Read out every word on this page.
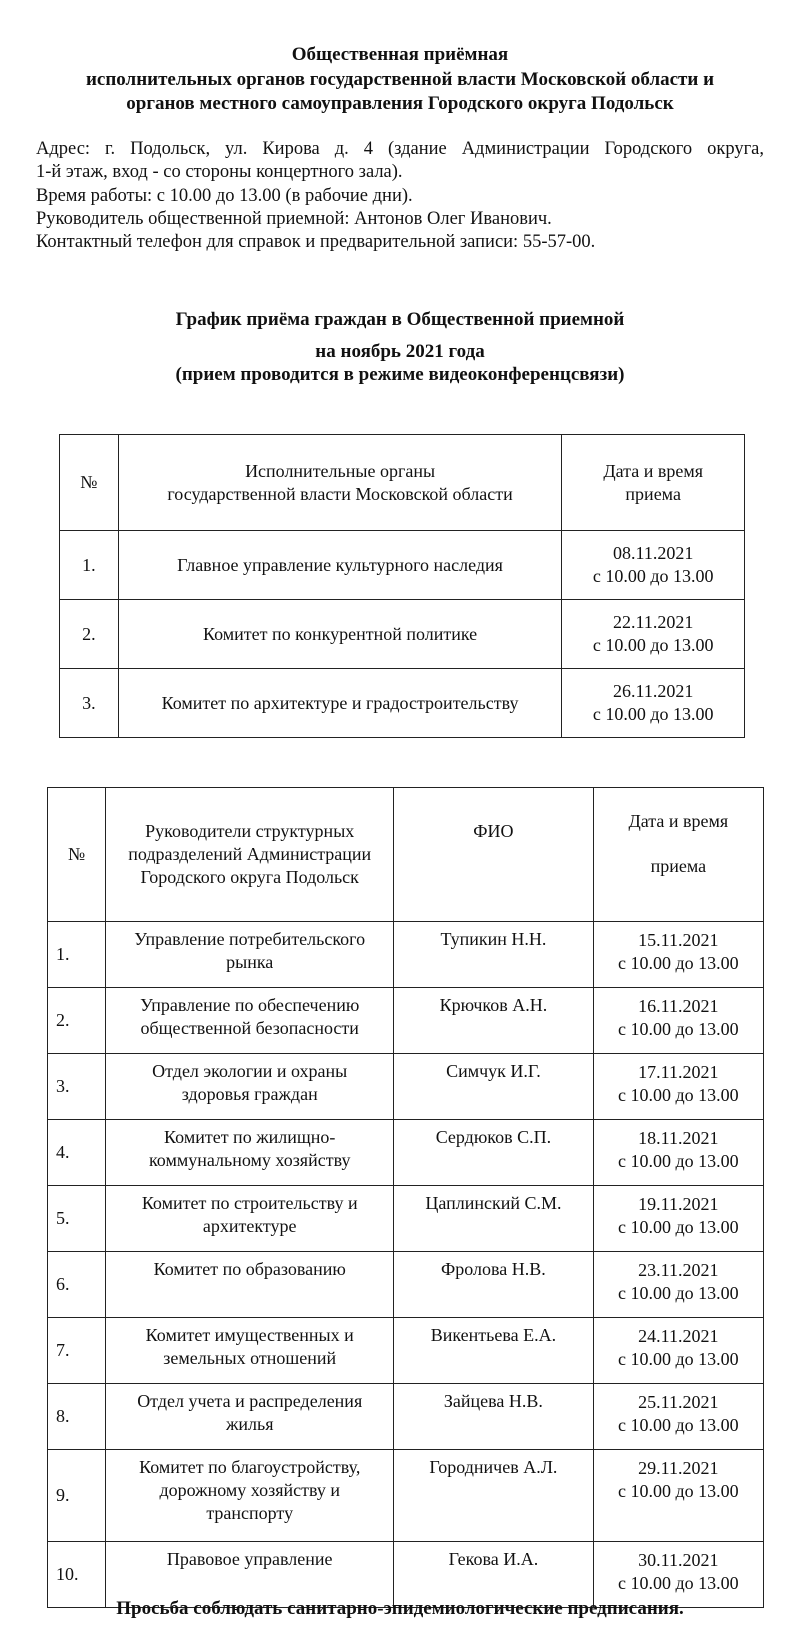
Общественная приёмная
исполнительных органов государственной власти Московской области и
органов местного самоуправления Городского округа Подольск
Адрес: г. Подольск, ул. Кирова д. 4 (здание Администрации Городского округа,
1-й этаж, вход - со стороны концертного зала).
Время работы: с 10.00 до 13.00 (в рабочие дни).
Руководитель общественной приемной: Антонов Олег Иванович.
Контактный телефон для справок и предварительной записи: 55-57-00.
График приёма граждан в Общественной приемной
на ноябрь 2021 года
(прием проводится в режиме видеоконференцсвязи)
№	Исполнительные органы
государственной власти Московской области	Дата и время
приема

1.	Главное управление культурного наследия	08.11.2021
с 10.00 до 13.00

2.	Комитет по конкурентной политике	22.11.2021
с 10.00 до 13.00

3.	Комитет по архитектуре и градостроительству	26.11.2021
с 10.00 до 13.00
№	Руководители структурных
подразделений Администрации
Городского округа Подольск	ФИО	Дата и время
приема

1.	Управление потребительского
рынка	Тупикин Н.Н.	15.11.2021
с 10.00 до 13.00

2.	Управление по обеспечению
общественной безопасности	Крючков А.Н.	16.11.2021
с 10.00 до 13.00

3.	Отдел экологии и охраны
здоровья граждан	Симчук И.Г.	17.11.2021
с 10.00 до 13.00

4.	Комитет по жилищно-
коммунальному хозяйству	Сердюков С.П.	18.11.2021
с 10.00 до 13.00

5.	Комитет по строительству и
архитектуре	Цаплинский С.М.	19.11.2021
с 10.00 до 13.00

6.	Комитет по образованию	Фролова Н.В.	23.11.2021
с 10.00 до 13.00

7.	Комитет имущественных и
земельных отношений	Викентьева Е.А.	24.11.2021
с 10.00 до 13.00

8.	Отдел учета и распределения
жилья	Зайцева Н.В.	25.11.2021
с 10.00 до 13.00

9.	Комитет по благоустройству,
дорожному хозяйству и
транспорту	Городничев А.Л.	29.11.2021
с 10.00 до 13.00

10.	Правовое управление	Гекова И.А.	30.11.2021
с 10.00 до 13.00
Просьба соблюдать санитарно-эпидемиологические предписания.
